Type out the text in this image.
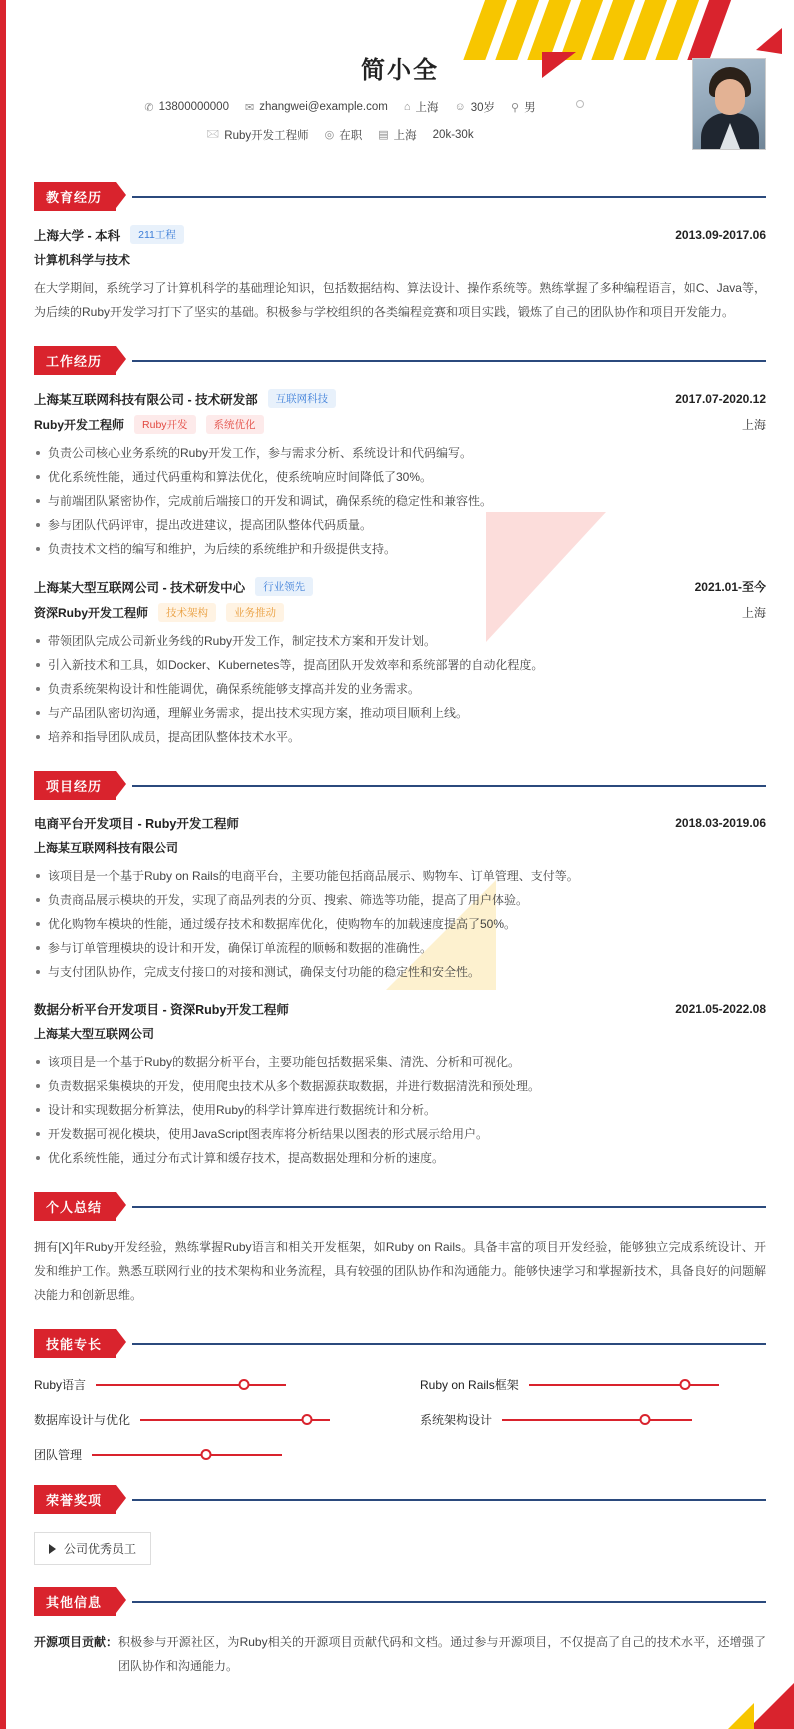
简小全
✆ 13800000000 ✉ zhangwei@example.com ⌂ 上海 ☺ 30岁 ⚲ 男
🖂 Ruby开发工程师 ◎ 在职 ▤ 上海 20k-30k
教育经历
上海大学 - 本科	211工程	2013.09-2017.06
计算机科学与技术
在大学期间，系统学习了计算机科学的基础理论知识，包括数据结构、算法设计、操作系统等。熟练掌握了多种编程语言，如C、Java等，为后续的Ruby开发学习打下了坚实的基础。积极参与学校组织的各类编程竞赛和项目实践，锻炼了自己的团队协作和项目开发能力。
工作经历
上海某互联网科技有限公司 - 技术研发部	互联网科技	2017.07-2020.12
Ruby开发工程师	Ruby开发	系统优化	上海
负责公司核心业务系统的Ruby开发工作，参与需求分析、系统设计和代码编写。
优化系统性能，通过代码重构和算法优化，使系统响应时间降低了30%。
与前端团队紧密协作，完成前后端接口的开发和调试，确保系统的稳定性和兼容性。
参与团队代码评审，提出改进建议，提高团队整体代码质量。
负责技术文档的编写和维护，为后续的系统维护和升级提供支持。
上海某大型互联网公司 - 技术研发中心	行业领先	2021.01-至今
资深Ruby开发工程师	技术架构	业务推动	上海
带领团队完成公司新业务线的Ruby开发工作，制定技术方案和开发计划。
引入新技术和工具，如Docker、Kubernetes等，提高团队开发效率和系统部署的自动化程度。
负责系统架构设计和性能调优，确保系统能够支撑高并发的业务需求。
与产品团队密切沟通，理解业务需求，提出技术实现方案，推动项目顺利上线。
培养和指导团队成员，提高团队整体技术水平。
项目经历
电商平台开发项目 - Ruby开发工程师	2018.03-2019.06
上海某互联网科技有限公司
该项目是一个基于Ruby on Rails的电商平台，主要功能包括商品展示、购物车、订单管理、支付等。
负责商品展示模块的开发，实现了商品列表的分页、搜索、筛选等功能，提高了用户体验。
优化购物车模块的性能，通过缓存技术和数据库优化，使购物车的加载速度提高了50%。
参与订单管理模块的设计和开发，确保订单流程的顺畅和数据的准确性。
与支付团队协作，完成支付接口的对接和测试，确保支付功能的稳定性和安全性。
数据分析平台开发项目 - 资深Ruby开发工程师	2021.05-2022.08
上海某大型互联网公司
该项目是一个基于Ruby的数据分析平台，主要功能包括数据采集、清洗、分析和可视化。
负责数据采集模块的开发，使用爬虫技术从多个数据源获取数据，并进行数据清洗和预处理。
设计和实现数据分析算法，使用Ruby的科学计算库进行数据统计和分析。
开发数据可视化模块，使用JavaScript图表库将分析结果以图表的形式展示给用户。
优化系统性能，通过分布式计算和缓存技术，提高数据处理和分析的速度。
个人总结
拥有[X]年Ruby开发经验，熟练掌握Ruby语言和相关开发框架，如Ruby on Rails。具备丰富的项目开发经验，能够独立完成系统设计、开发和维护工作。熟悉互联网行业的技术架构和业务流程，具有较强的团队协作和沟通能力。能够快速学习和掌握新技术，具备良好的问题解决能力和创新思维。
技能专长
Ruby语言	Ruby on Rails框架
数据库设计与优化	系统架构设计
团队管理
荣誉奖项
公司优秀员工
其他信息
开源项目贡献： 积极参与开源社区，为Ruby相关的开源项目贡献代码和文档。通过参与开源项目，不仅提高了自己的技术水平，还增强了团队协作和沟通能力。
